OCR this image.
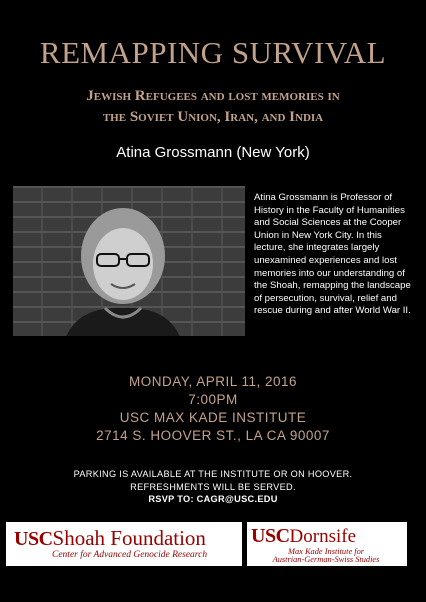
REMAPPING SURVIVAL
Jewish Refugees and lost memories in
the Soviet Union, Iran, and India
Atina Grossmann (New York)
Atina Grossmann is Professor of History in the Faculty of Humanities and Social Sciences at the Cooper Union in New York City. In this lecture, she integrates largely unexamined experiences and lost memories into our understanding of the Shoah, remapping the landscape of persecution, survival, relief and rescue during and after World War II.
MONDAY, APRIL 11, 2016
7:00PM
USC MAX KADE INSTITUTE
2714 S. HOOVER ST., LA CA 90007
PARKING IS AVAILABLE AT THE INSTITUTE OR ON HOOVER.
REFRESHMENTS WILL BE SERVED.
RSVP TO: CAGR@USC.EDU
USCShoah Foundation
Center for Advanced Genocide Research
USCDornsife
Max Kade Institute for
Austrian-German-Swiss Studies
